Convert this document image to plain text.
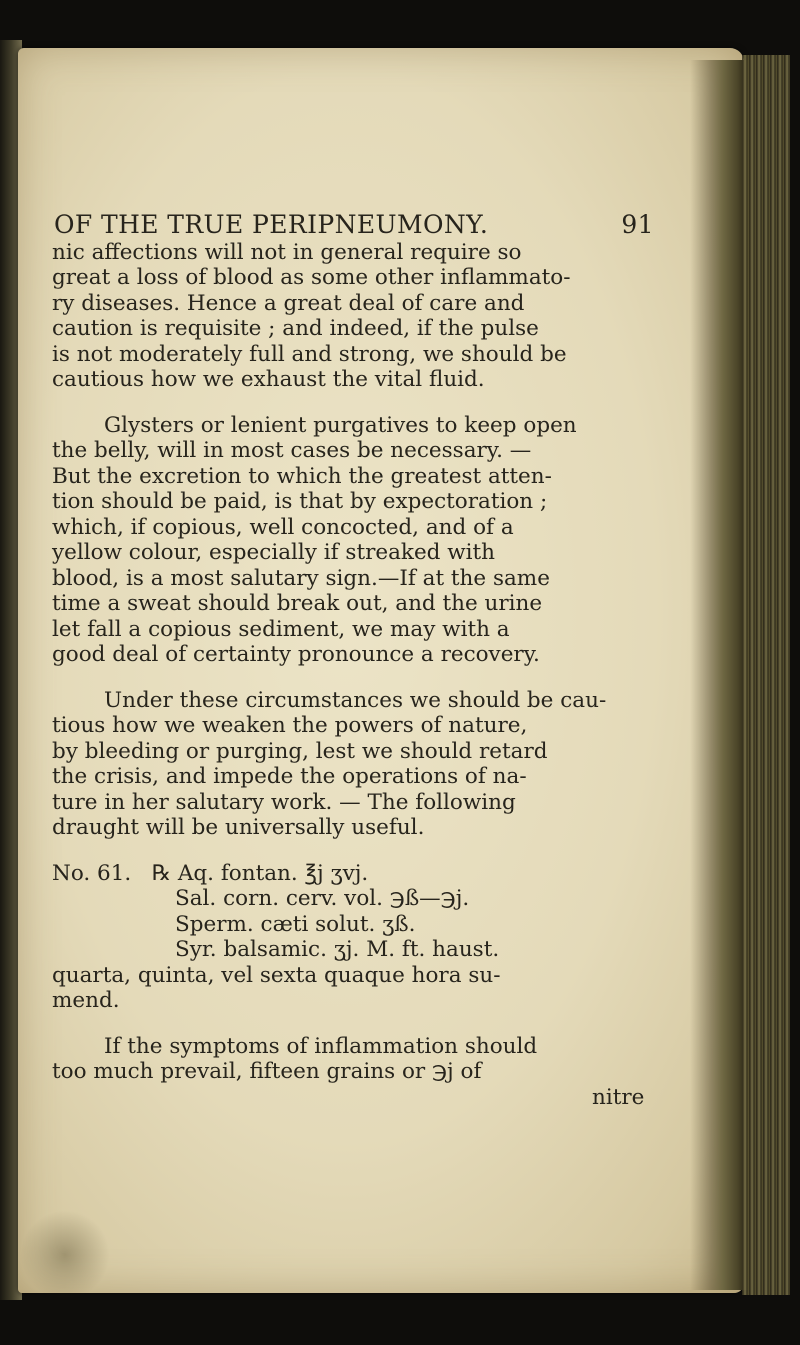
OF THE TRUE PERIPNEUMONY.	91
nic affections will not in general require so
great a loss of blood as some other inflammato-
ry diseases. Hence a great deal of care and
caution is requisite ; and indeed, if the pulse
is not moderately full and strong, we should be
cautious how we exhaust the vital fluid.
Glysters or lenient purgatives to keep open
the belly, will in most cases be necessary. —
But the excretion to which the greatest atten-
tion should be paid, is that by expectoration ;
which, if copious, well concocted, and of a
yellow colour, especially if streaked with
blood, is a most salutary sign.—If at the same
time a sweat should break out, and the urine
let fall a copious sediment, we may with a
good deal of certainty pronounce a recovery.
Under these circumstances we should be cau-
tious how we weaken the powers of nature,
by bleeding or purging, lest we should retard
the crisis, and impede the operations of na-
ture in her salutary work. — The following
draught will be universally useful.
No. 61. ℞ Aq. fontan. ℥j ʒvj.
Sal. corn. cerv. vol. ℈ß—℈j.
Sperm. cæti solut. ʒß.
Syr. balsamic. ʒj. M. ft. haust.
quarta, quinta, vel sexta quaque hora su-
mend.
If the symptoms of inflammation should
too much prevail, fifteen grains or ℈j of
nitre
